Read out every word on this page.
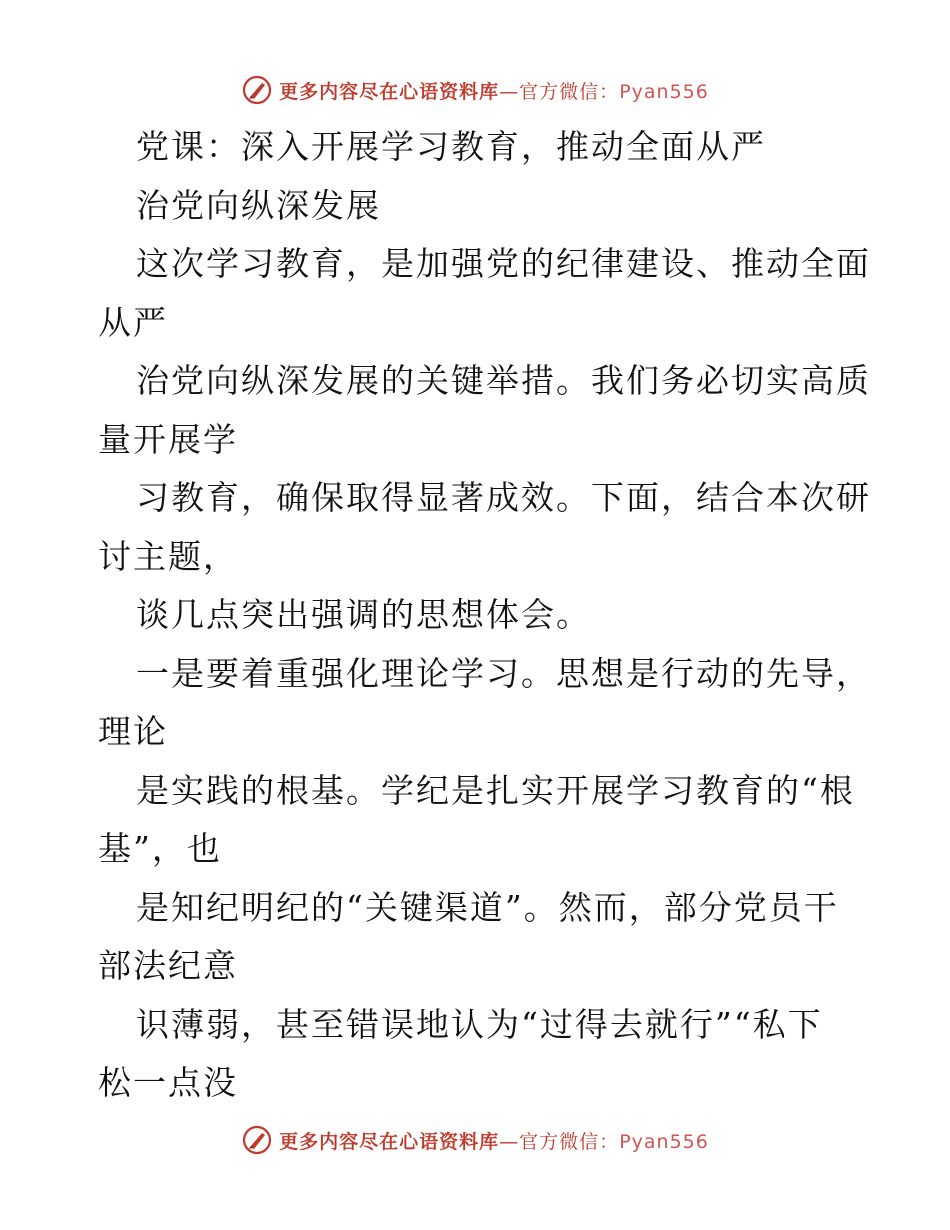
更多内容尽在心语资料库—官方微信：Pyan556
党课：深入开展学习教育，推动全面从严
治党向纵深发展
这次学习教育，是加强党的纪律建设、推动全面
从严
治党向纵深发展的关键举措。我们务必切实高质
量开展学
习教育，确保取得显著成效。下面，结合本次研
讨主题，
谈几点突出强调的思想体会。
一是要着重强化理论学习。思想是行动的先导，
理论
是实践的根基。学纪是扎实开展学习教育的“根
基”，也
是知纪明纪的“关键渠道”。然而，部分党员干
部法纪意
识薄弱，甚至错误地认为“过得去就行”“私下
松一点没
更多内容尽在心语资料库—官方微信：Pyan556
